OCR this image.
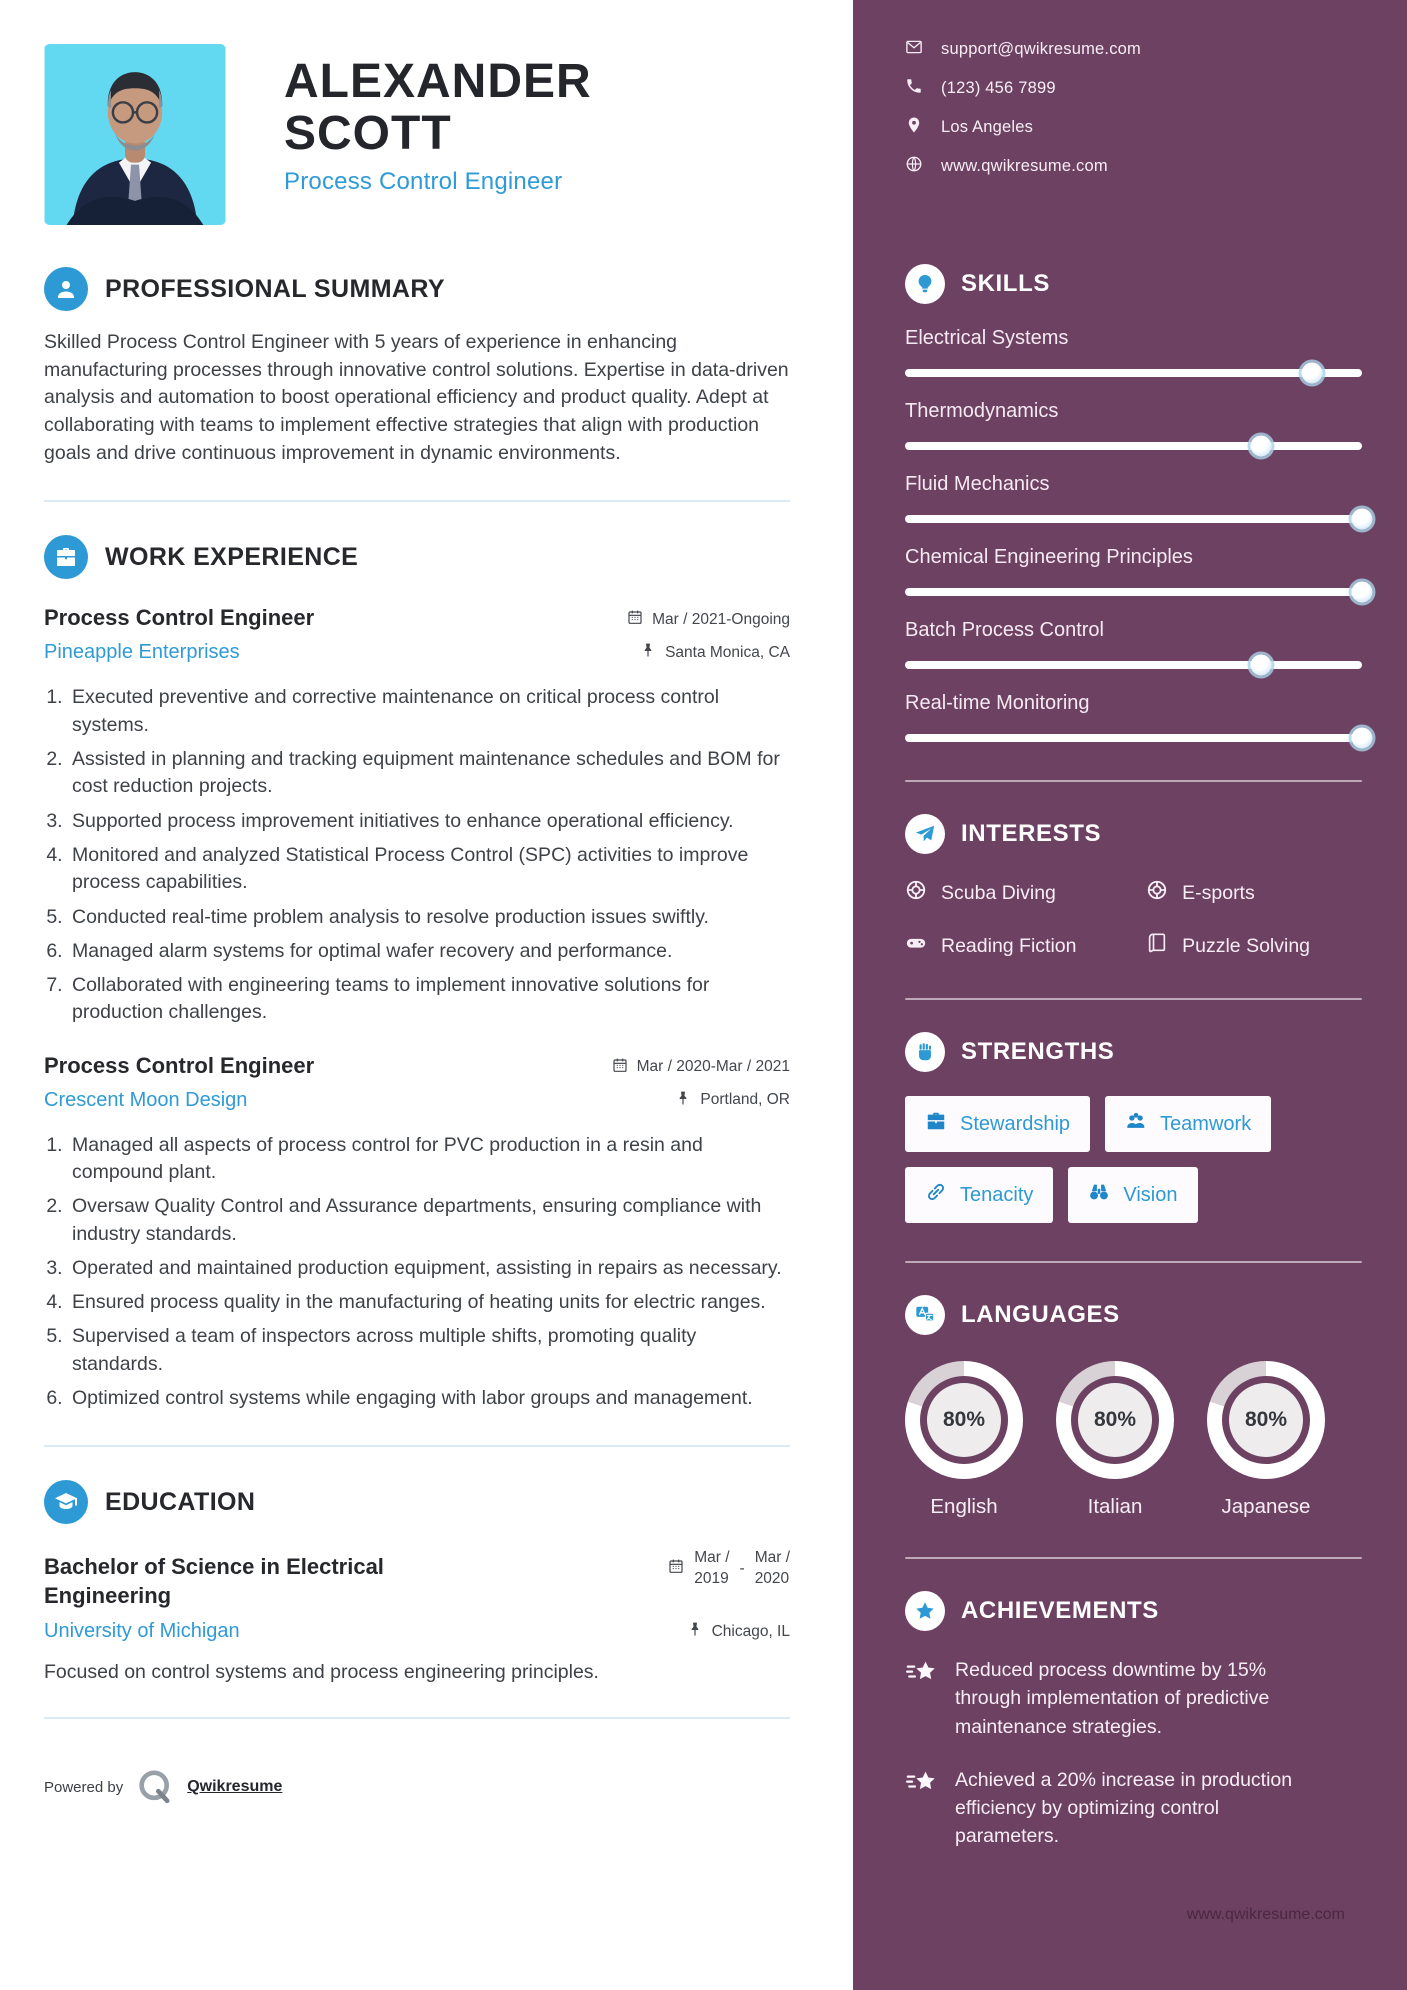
ALEXANDER
SCOTT
Process Control Engineer
PROFESSIONAL SUMMARY

Skilled Process Control Engineer with 5 years of experience in enhancing manufacturing processes through innovative control solutions. Expertise in data-driven analysis and automation to boost operational efficiency and product quality. Adept at collaborating with teams to implement effective strategies that align with production goals and drive continuous improvement in dynamic environments.

WORK EXPERIENCE
Process Control Engineer	Mar / 2021-Ongoing
Pineapple Enterprises	Santa Monica, CA
1. Executed preventive and corrective maintenance on critical process control systems.
2. Assisted in planning and tracking equipment maintenance schedules and BOM for cost reduction projects.
3. Supported process improvement initiatives to enhance operational efficiency.
4. Monitored and analyzed Statistical Process Control (SPC) activities to improve process capabilities.
5. Conducted real-time problem analysis to resolve production issues swiftly.
6. Managed alarm systems for optimal wafer recovery and performance.
7. Collaborated with engineering teams to implement innovative solutions for production challenges.
Process Control Engineer	Mar / 2020-Mar / 2021
Crescent Moon Design	Portland, OR
1. Managed all aspects of process control for PVC production in a resin and compound plant.
2. Oversaw Quality Control and Assurance departments, ensuring compliance with industry standards.
3. Operated and maintained production equipment, assisting in repairs as necessary.
4. Ensured process quality in the manufacturing of heating units for electric ranges.
5. Supervised a team of inspectors across multiple shifts, promoting quality standards.
6. Optimized control systems while engaging with labor groups and management.
EDUCATION
Bachelor of Science in Electrical Engineering
Mar /
2019
-
Mar /
2020
University of Michigan	Chicago, IL

Focused on control systems and process engineering principles.

Powered by	Qwikresume
support@qwikresume.com
(123) 456 7899
Los Angeles
www.qwikresume.com
SKILLS
Electrical Systems
Thermodynamics
Fluid Mechanics
Chemical Engineering Principles
Batch Process Control
Real-time Monitoring
INTERESTS
Scuba Diving	E-sports
Reading Fiction	Puzzle Solving
STRENGTHS
Stewardship	Teamwork
Tenacity	Vision
LANGUAGES
80%
English
80%
Italian
80%
Japanese
ACHIEVEMENTS
Reduced process downtime by 15% through implementation of predictive maintenance strategies.
Achieved a 20% increase in production efficiency by optimizing control parameters.
www.qwikresume.com
